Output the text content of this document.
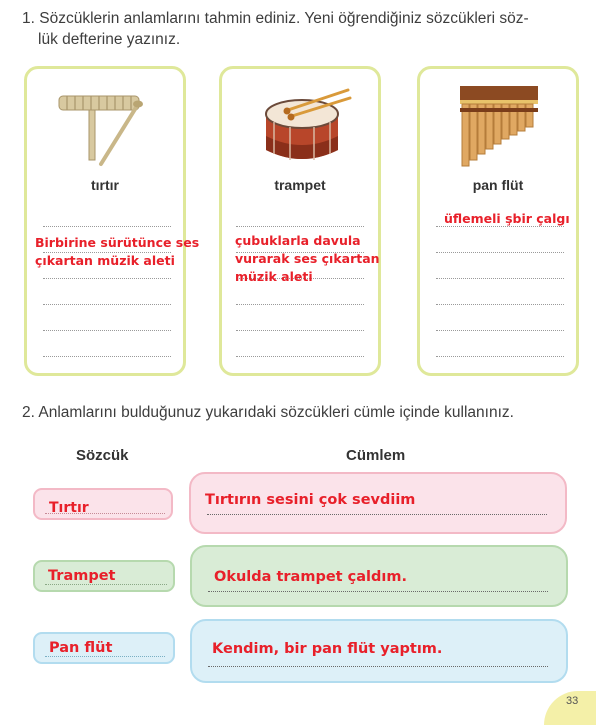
1. Sözcüklerin anlamlarını tahmin ediniz. Yeni öğrendiğiniz sözcükleri söz-
lük defterine yazınız.
tırtır
Birbirine sürütünce ses
çıkartan müzik aleti
trampet
çubuklarla davula
vurarak ses çıkartan
müzik aleti
pan flüt
üflemeli şbir çalgı
2. Anlamlarını bulduğunuz yukarıdaki sözcükleri cümle içinde kullanınız.
Sözcük	Cümlem
Tırtır	Tırtırın sesini çok sevdiim
Trampet	Okulda trampet çaldım.
Pan flüt	Kendim, bir pan flüt yaptım.
33
